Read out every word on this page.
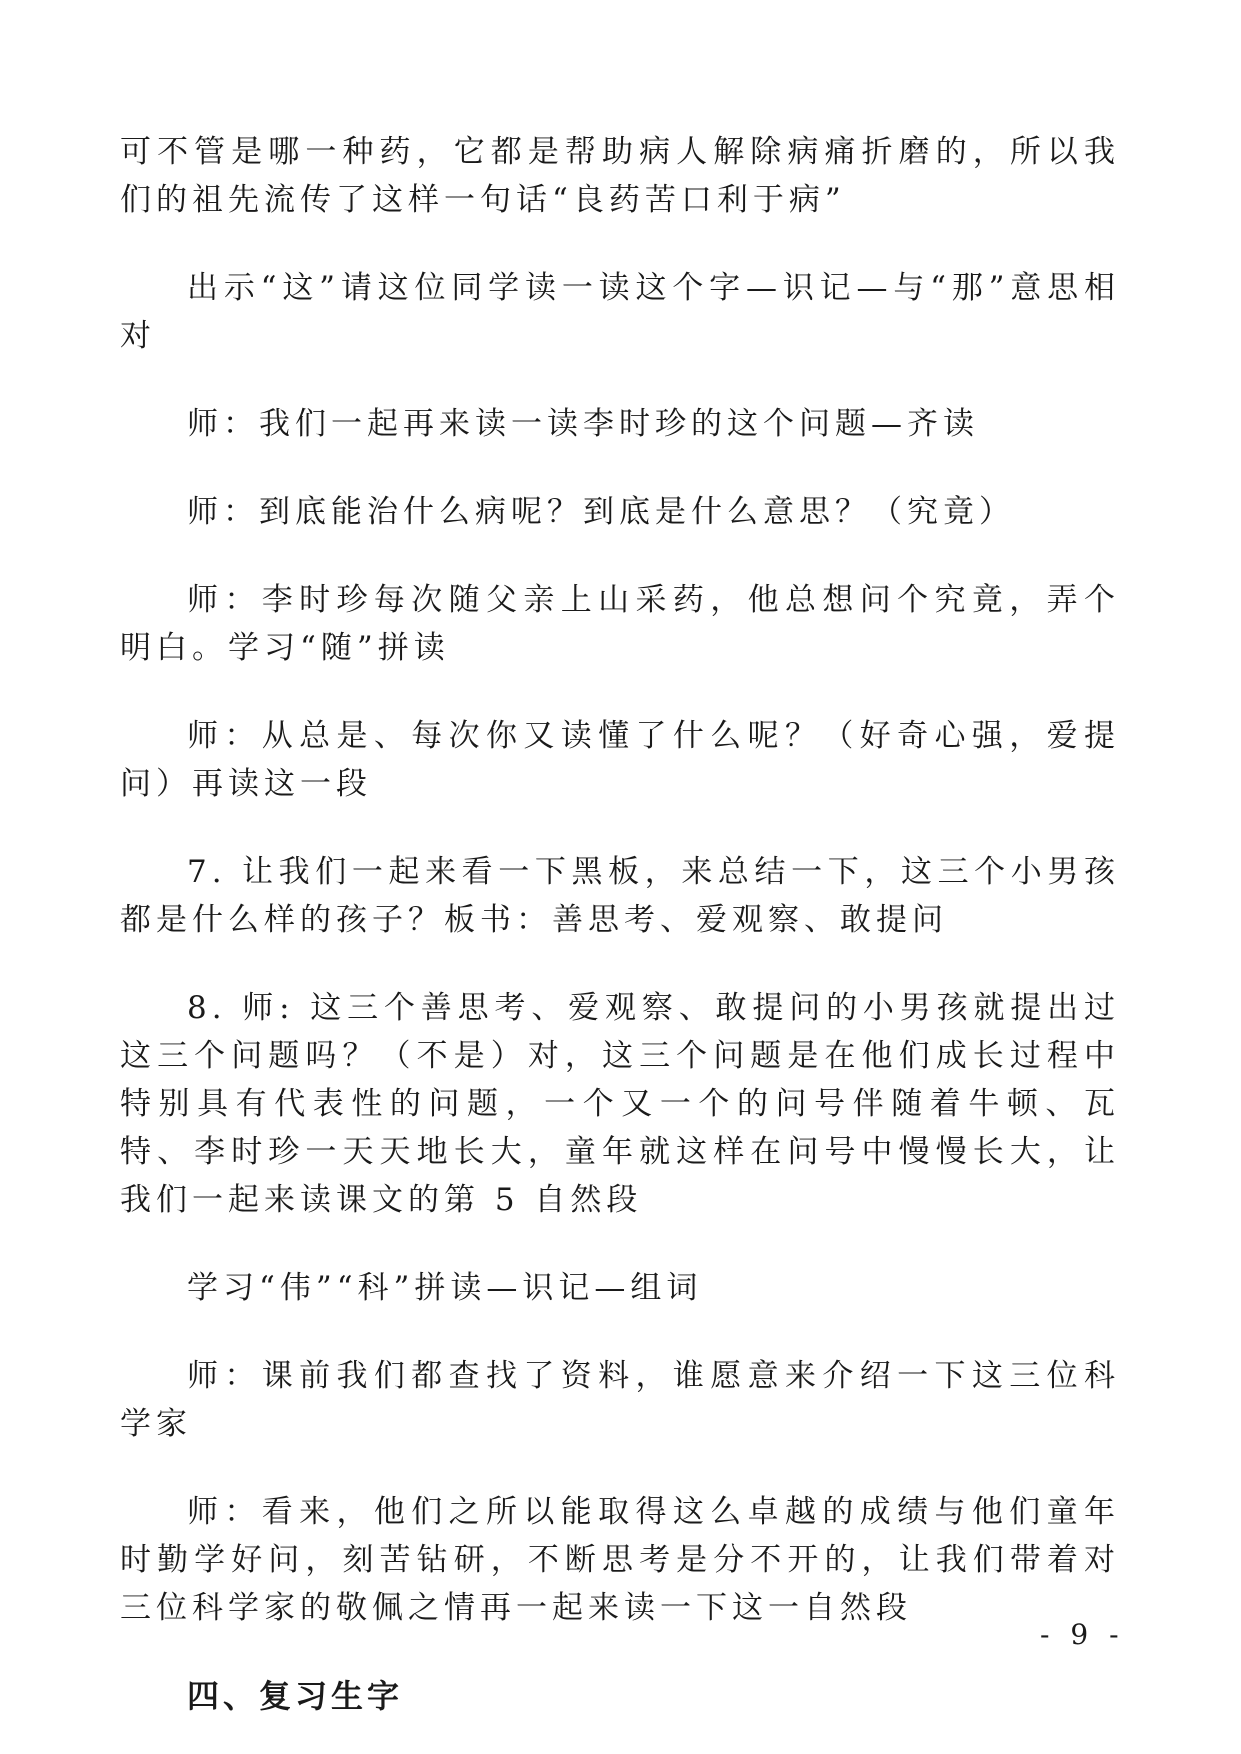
可不管是哪一种药，它都是帮助病人解除病痛折磨的，所以我们的祖先流传了这样一句话“良药苦口利于病”

出示“这”请这位同学读一读这个字—识记—与“那”意思相对

师：我们一起再来读一读李时珍的这个问题—齐读

师：到底能治什么病呢？到底是什么意思？（究竟）

师：李时珍每次随父亲上山采药，他总想问个究竟，弄个明白。学习“随”拼读

师：从总是、每次你又读懂了什么呢？（好奇心强，爱提问）再读这一段

7. 让我们一起来看一下黑板，来总结一下，这三个小男孩都是什么样的孩子？板书：善思考、爱观察、敢提问

8. 师: 这三个善思考、爱观察、敢提问的小男孩就提出过这三个问题吗？（不是）对，这三个问题是在他们成长过程中特别具有代表性的问题，一个又一个的问号伴随着牛顿、瓦特、李时珍一天天地长大，童年就这样在问号中慢慢长大，让我们一起来读课文的第 5 自然段

学习“伟”“科”拼读—识记—组词

师：课前我们都查找了资料，谁愿意来介绍一下这三位科学家

师：看来，他们之所以能取得这么卓越的成绩与他们童年时勤学好问，刻苦钻研，不断思考是分不开的，让我们带着对三位科学家的敬佩之情再一起来读一下这一自然段

四、复习生字
- 9 -
